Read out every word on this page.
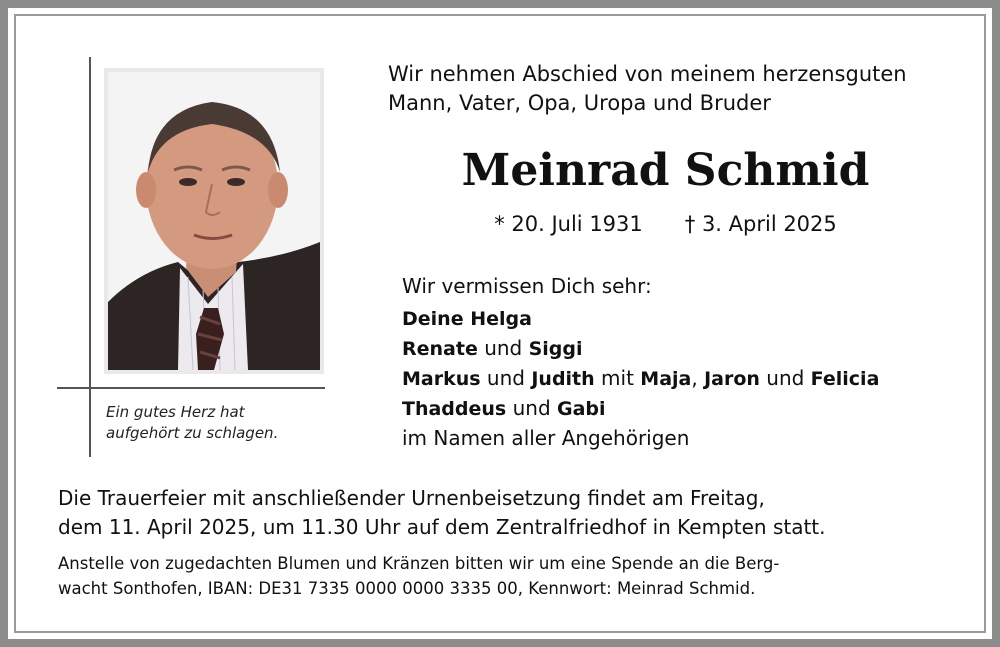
Ein gutes Herz hat
aufgehört zu schlagen.
Wir nehmen Abschied von meinem herzensguten
Mann, Vater, Opa, Uropa und Bruder
Meinrad Schmid
* 20. Juli 1931 † 3. April 2025
Wir vermissen Dich sehr:
Deine Helga
Renate und Siggi
Markus und Judith mit Maja, Jaron und Felicia
Thaddeus und Gabi
im Namen aller Angehörigen
Die Trauerfeier mit anschließender Urnenbeisetzung findet am Freitag,
dem 11. April 2025, um 11.30 Uhr auf dem Zentralfriedhof in Kempten statt.
Anstelle von zugedachten Blumen und Kränzen bitten wir um eine Spende an die Berg-
wacht Sonthofen, IBAN: DE31 7335 0000 0000 3335 00, Kennwort: Meinrad Schmid.
